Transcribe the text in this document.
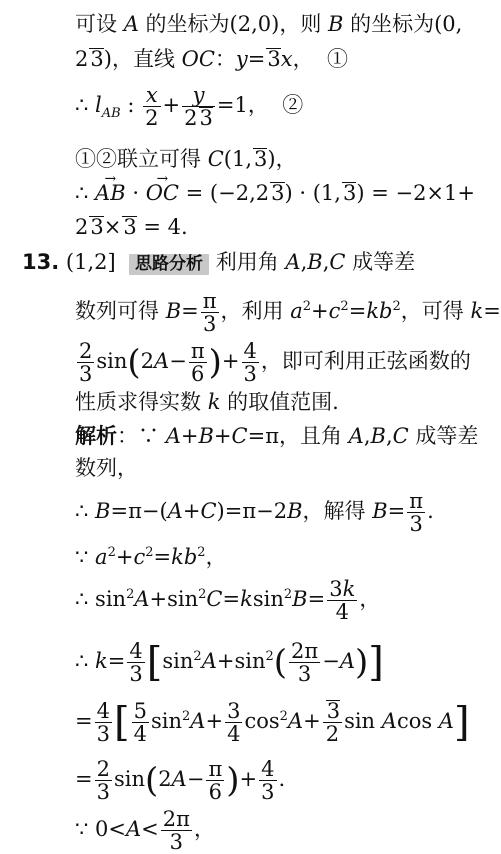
可设 A 的坐标为(2,0)，则 B 的坐标为(0,
23)，直线 OC：y=3x，  ①
∴ $l_{AB}$ : $\frac{x}{2} + \frac{y}{23} =1$，  ②
①②联立可得 C(1,3)，
∴ → AB · → OC = (−2,23) · (1,3) = −2×1+
23×3 = 4.
13. (1,2] 思路分析 利用角 A,B,C 成等差
数列可得 $B= \frac{\pi}{3}$ ，利用 $a^2+c^2=kb^2$，可得 k=
$\frac{2}{3} \sin(2A- \frac{\pi}{6}$ )+ $\frac{4}{3}$ ，即可利用正弦函数的
性质求得实数 k 的取值范围.
解析：∵ A+B+C=π，且角 A,B,C 成等差
数列，
∴ B=π−(A+C)=π−2B，解得 $B= \frac{\pi}{3}$ .
∵ $a^2+c^2=kb^2$，
∴ $\sin^2A+\sin^2C=ksin^2B= \frac{3k}{4}$ ，
∴ $k= \frac{4}{3} [\sin^2A+\sin^2( \frac{2\pi}{3} -A)]$
= $\frac{4}{3}$ [ $\frac{5}{4} \sin^2A+ \frac{3}{4} \cos^2A+ \frac{3}{2}$ sin Acos A]
= $\frac{2}{3} \sin(2A- \frac{\pi}{6}$ )+ $\frac{4}{3}$ .
∵ $0<A< \frac{2\pi}{3}$ ，
